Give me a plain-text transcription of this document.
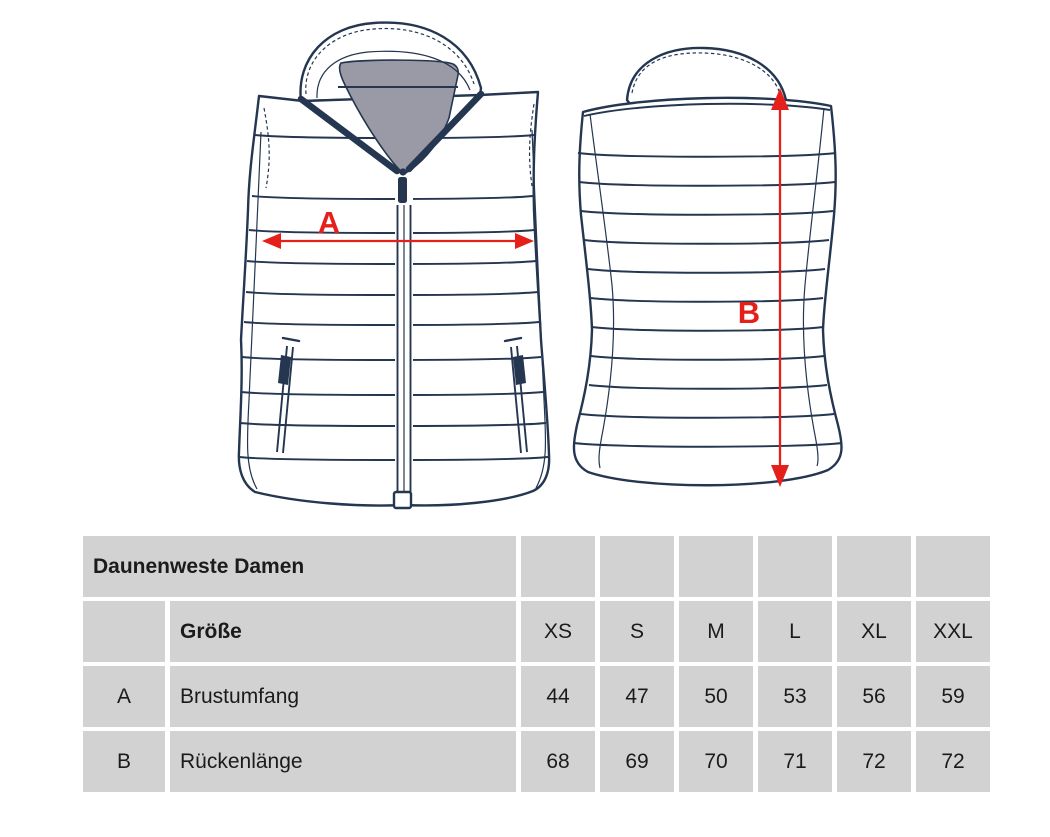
A
B
Daunenweste Damen
Größe	XS	S	M	L	XL	XXL
A	Brustumfang	44	47	50	53	56	59
B	Rückenlänge	68	69	70	71	72	72
